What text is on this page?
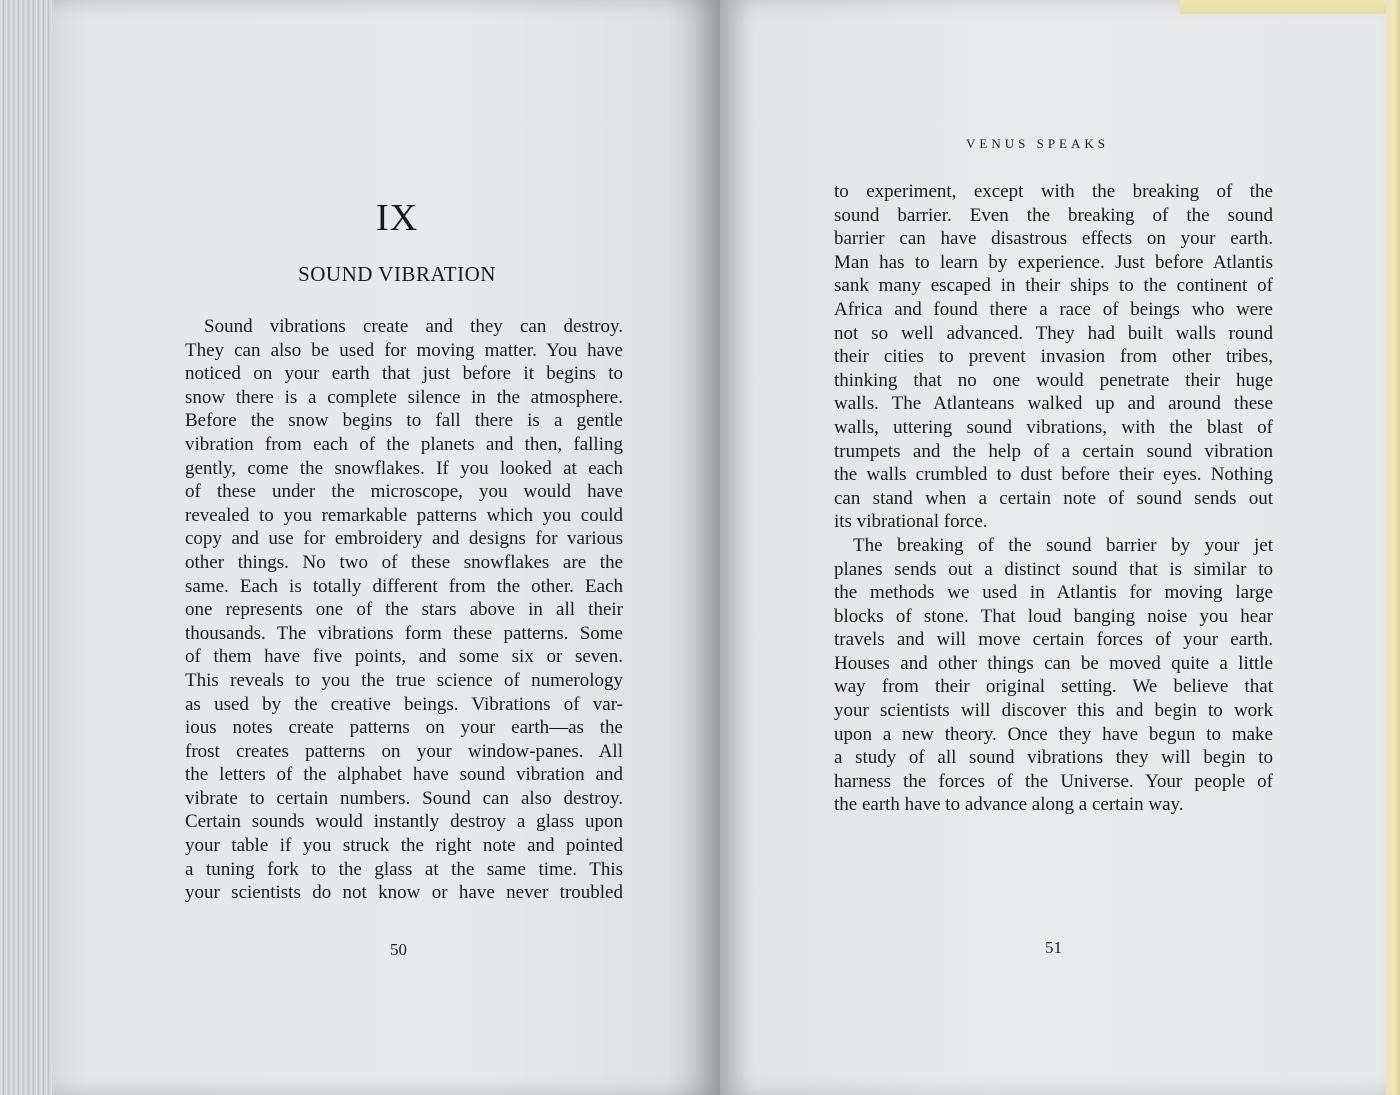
IX
SOUND VIBRATION
Sound vibrations create and they can destroy.
They can also be used for moving matter. You have
noticed on your earth that just before it begins to
snow there is a complete silence in the atmosphere.
Before the snow begins to fall there is a gentle
vibration from each of the planets and then, falling
gently, come the snowflakes. If you looked at each
of these under the microscope, you would have
revealed to you remarkable patterns which you could
copy and use for embroidery and designs for various
other things. No two of these snowflakes are the
same. Each is totally different from the other. Each
one represents one of the stars above in all their
thousands. The vibrations form these patterns. Some
of them have five points, and some six or seven.
This reveals to you the true science of numerology
as used by the creative beings. Vibrations of var-
ious notes create patterns on your earth—as the
frost creates patterns on your window-panes. All
the letters of the alphabet have sound vibration and
vibrate to certain numbers. Sound can also destroy.
Certain sounds would instantly destroy a glass upon
your table if you struck the right note and pointed
a tuning fork to the glass at the same time. This
your scientists do not know or have never troubled
50
VENUS SPEAKS
to experiment, except with the breaking of the
sound barrier. Even the breaking of the sound
barrier can have disastrous effects on your earth.
Man has to learn by experience. Just before Atlantis
sank many escaped in their ships to the continent of
Africa and found there a race of beings who were
not so well advanced. They had built walls round
their cities to prevent invasion from other tribes,
thinking that no one would penetrate their huge
walls. The Atlanteans walked up and around these
walls, uttering sound vibrations, with the blast of
trumpets and the help of a certain sound vibration
the walls crumbled to dust before their eyes. Nothing
can stand when a certain note of sound sends out
its vibrational force.
The breaking of the sound barrier by your jet
planes sends out a distinct sound that is similar to
the methods we used in Atlantis for moving large
blocks of stone. That loud banging noise you hear
travels and will move certain forces of your earth.
Houses and other things can be moved quite a little
way from their original setting. We believe that
your scientists will discover this and begin to work
upon a new theory. Once they have begun to make
a study of all sound vibrations they will begin to
harness the forces of the Universe. Your people of
the earth have to advance along a certain way.
51
